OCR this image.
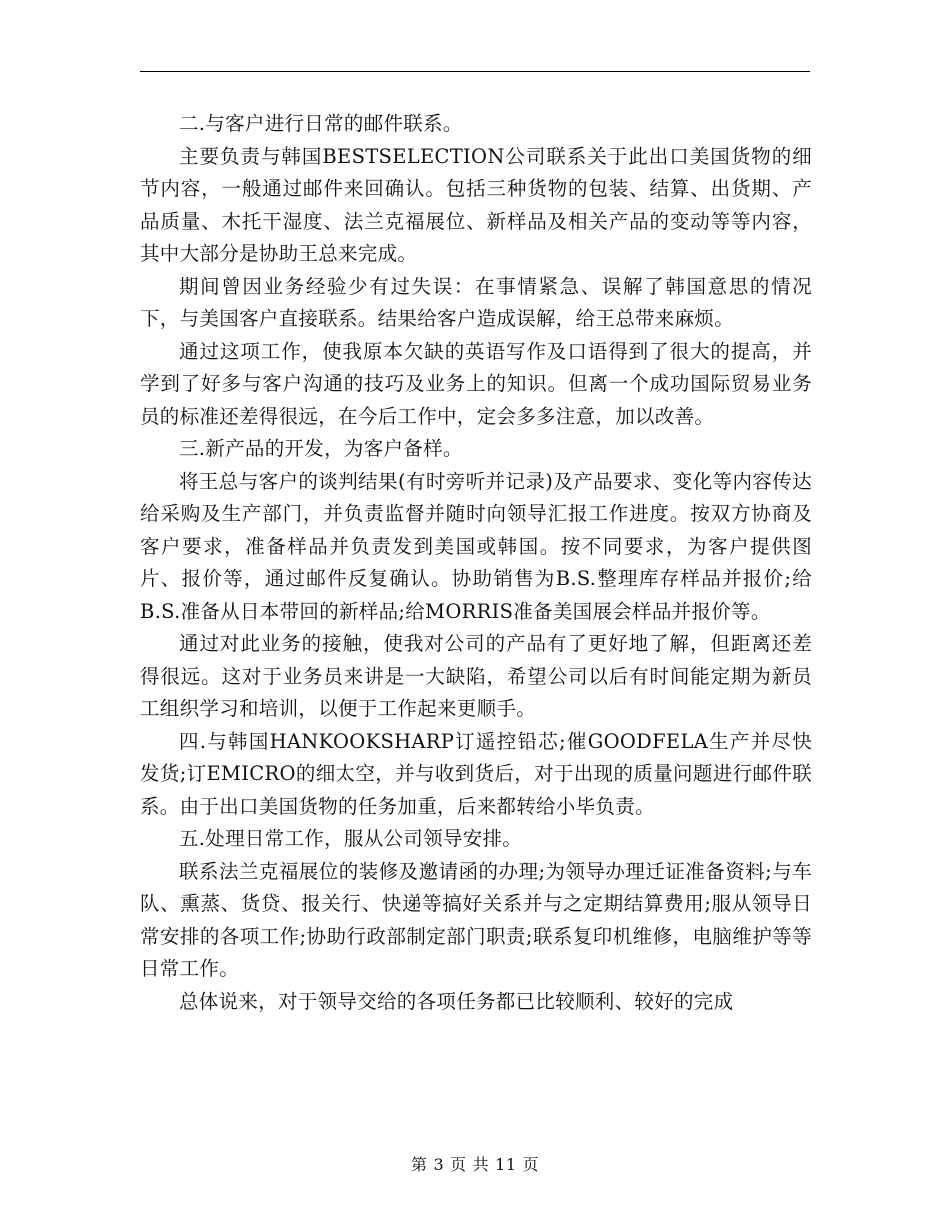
二.与客户进行日常的邮件联系。

主要负责与韩国BESTSELECTION公司联系关于此出口美国货物的细节内容，一般通过邮件来回确认。包括三种货物的包装、结算、出货期、产品质量、木托干湿度、法兰克福展位、新样品及相关产品的变动等等内容，其中大部分是协助王总来完成。

期间曾因业务经验少有过失误：在事情紧急、误解了韩国意思的情况下，与美国客户直接联系。结果给客户造成误解，给王总带来麻烦。

通过这项工作，使我原本欠缺的英语写作及口语得到了很大的提高，并学到了好多与客户沟通的技巧及业务上的知识。但离一个成功国际贸易业务员的标准还差得很远，在今后工作中，定会多多注意，加以改善。

三.新产品的开发，为客户备样。

将王总与客户的谈判结果(有时旁听并记录)及产品要求、变化等内容传达给采购及生产部门，并负责监督并随时向领导汇报工作进度。按双方协商及客户要求，准备样品并负责发到美国或韩国。按不同要求，为客户提供图片、报价等，通过邮件反复确认。协助销售为B.S.整理库存样品并报价;给B.S.准备从日本带回的新样品;给MORRIS准备美国展会样品并报价等。

通过对此业务的接触，使我对公司的产品有了更好地了解，但距离还差得很远。这对于业务员来讲是一大缺陷，希望公司以后有时间能定期为新员工组织学习和培训，以便于工作起来更顺手。

四.与韩国HANKOOKSHARP订遥控铅芯;催GOODFELA生产并尽快发货;订EMICRO的细太空，并与收到货后，对于出现的质量问题进行邮件联系。由于出口美国货物的任务加重，后来都转给小毕负责。

五.处理日常工作，服从公司领导安排。

联系法兰克福展位的装修及邀请函的办理;为领导办理迁证准备资料;与车队、熏蒸、货贷、报关行、快递等搞好关系并与之定期结算费用;服从领导日常安排的各项工作;协助行政部制定部门职责;联系复印机维修，电脑维护等等日常工作。

总体说来，对于领导交给的各项任务都已比较顺利、较好的完成

第 3 页 共 11 页
